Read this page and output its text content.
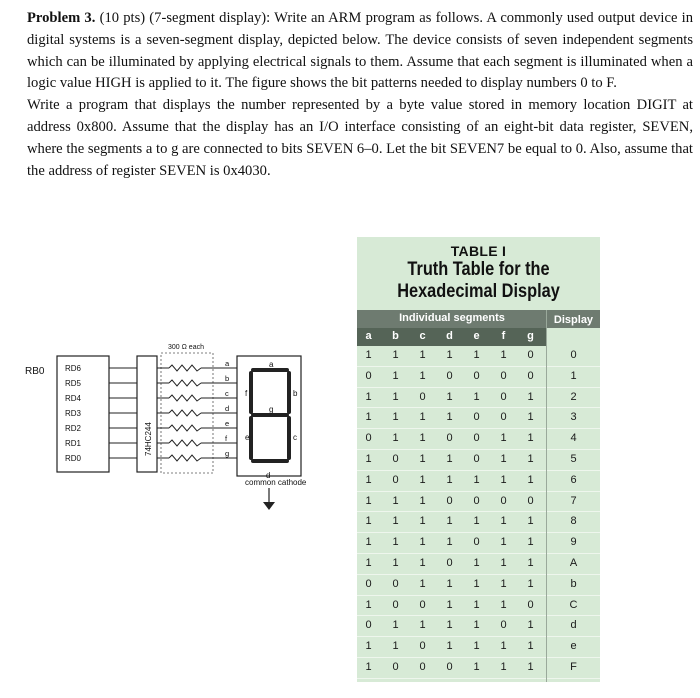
Problem 3. (10 pts) (7-segment display): Write an ARM program as follows. A commonly used output device in digital systems is a seven-segment display, depicted below. The device consists of seven independent segments which can be illuminated by applying electrical signals to them. Assume that each segment is illuminated when a logic value HIGH is applied to it. The figure shows the bit patterns needed to display numbers 0 to F.

Write a program that displays the number represented by a byte value stored in memory location DIGIT at address 0x800. Assume that the display has an I/O interface consisting of an eight-bit data register, SEVEN, where the segments a to g are connected to bits SEVEN 6–0. Let the bit SEVEN7 be equal to 0. Also, assume that the address of register SEVEN is 0x4030.

RB0	RD6
RD5
RD4
RD3
RD2
RD1
RD0
74HC244
300 Ω each
a
b
c
d
e
f
g
a
f	b
g
e	c
common cathode
d
TABLE I
Truth Table for the
Hexadecimal Display
Individual segments	Display
a	b	c	d	e	f	g
1	1	1	1	1	1	0	0
0	1	1	0	0	0	0	1
1	1	0	1	1	0	1	2
1	1	1	1	0	0	1	3
0	1	1	0	0	1	1	4
1	0	1	1	0	1	1	5
1	0	1	1	1	1	1	6
1	1	1	0	0	0	0	7
1	1	1	1	1	1	1	8
1	1	1	1	0	1	1	9
1	1	1	0	1	1	1	A
0	0	1	1	1	1	1	b
1	0	0	1	1	1	0	C
0	1	1	1	1	0	1	d
1	1	0	1	1	1	1	e
1	0	0	0	1	1	1	F
